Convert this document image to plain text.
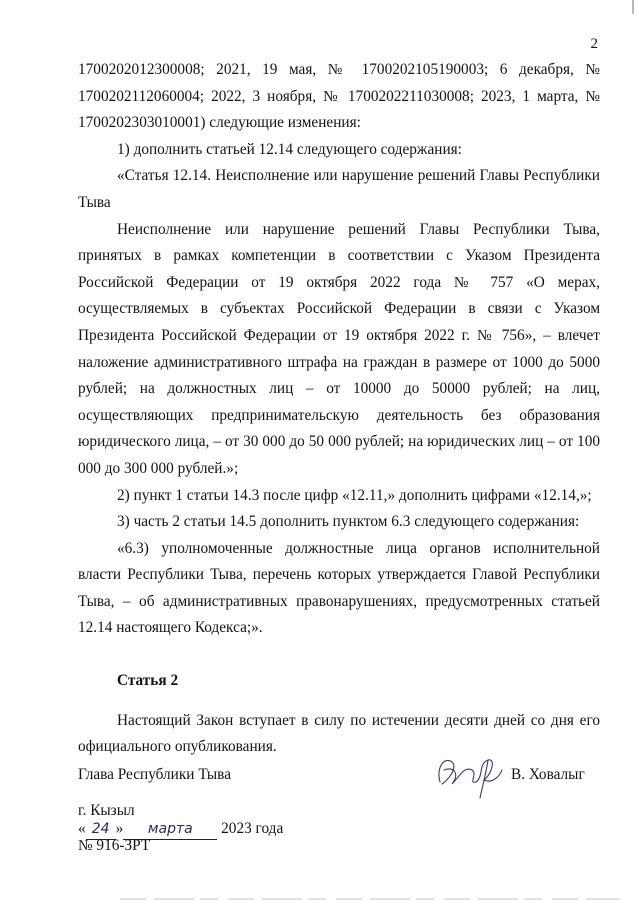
2

1700202012300008; 2021, 19 мая, № 1700202105190003; 6 декабря, № 1700202112060004; 2022, 3 ноября, № 1700202211030008; 2023, 1 марта, № 1700202303010001) следующие изменения:

1) дополнить статьей 12.14 следующего содержания:

«Статья 12.14. Неисполнение или нарушение решений Главы Республики Тыва

Неисполнение или нарушение решений Главы Республики Тыва, принятых в рамках компетенции в соответствии с Указом Президента Российской Федерации от 19 октября 2022 года № 757 «О мерах, осуществляемых в субъектах Российской Федерации в связи с Указом Президента Российской Федерации от 19 октября 2022 г. № 756», – влечет наложение административного штрафа на граждан в размере от 1000 до 5000 рублей; на должностных лиц – от 10000 до 50000 рублей; на лиц, осуществляющих предпринимательскую деятельность без образования юридического лица, – от 30 000 до 50 000 рублей; на юридических лиц – от 100 000 до 300 000 рублей.»;

2) пункт 1 статьи 14.3 после цифр «12.11,» дополнить цифрами «12.14,»;

3) часть 2 статьи 14.5 дополнить пунктом 6.3 следующего содержания:

«6.3) уполномоченные должностные лица органов исполнительной власти Республики Тыва, перечень которых утверждается Главой Республики Тыва, – об административных правонарушениях, предусмотренных статьей 12.14 настоящего Кодекса;».

Статья 2

Настоящий Закон вступает в силу по истечении десяти дней со дня его официального опубликования.

Глава Республики Тыва	В. Ховалыг
г. Кызыл
« 24 » марта 2023 года
№ 916-ЗРТ
